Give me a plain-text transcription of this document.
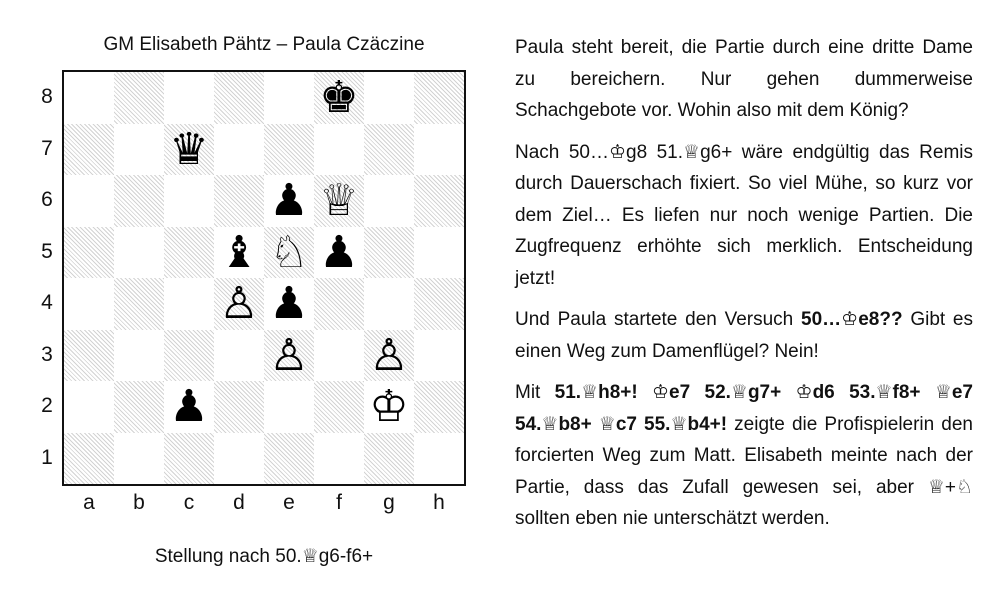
GM Elisabeth Pähtz – Paula Czäczine
♚
♛
♟ ♕
♝ ♘ ♟
♙ ♟
♙ ♙
♟	♔
8
7
6
5
4
3
2
1
a	b	c	d	e	f	g	h
Stellung nach 50.♕g6-f6+

Paula steht bereit, die Partie durch eine dritte Dame zu bereichern. Nur gehen dummerweise Schachgebote vor. Wohin also mit dem König?

Nach 50…♔g8 51.♕g6+ wäre endgültig das Remis durch Dauerschach fixiert. So viel Mühe, so kurz vor dem Ziel… Es liefen nur noch wenige Partien. Die Zugfrequenz erhöhte sich merklich. Entscheidung jetzt!

Und Paula startete den Versuch 50…♔e8?? Gibt es einen Weg zum Damenflügel? Nein!

Mit 51.♕h8+! ♔e7 52.♕g7+ ♔d6 53.♕f8+ ♕e7 54.♕b8+ ♕c7 55.♕b4+! zeigte die Profispielerin den forcierten Weg zum Matt. Elisabeth meinte nach der Partie, dass das Zufall gewesen sei, aber ♕+♘ sollten eben nie unterschätzt werden.
